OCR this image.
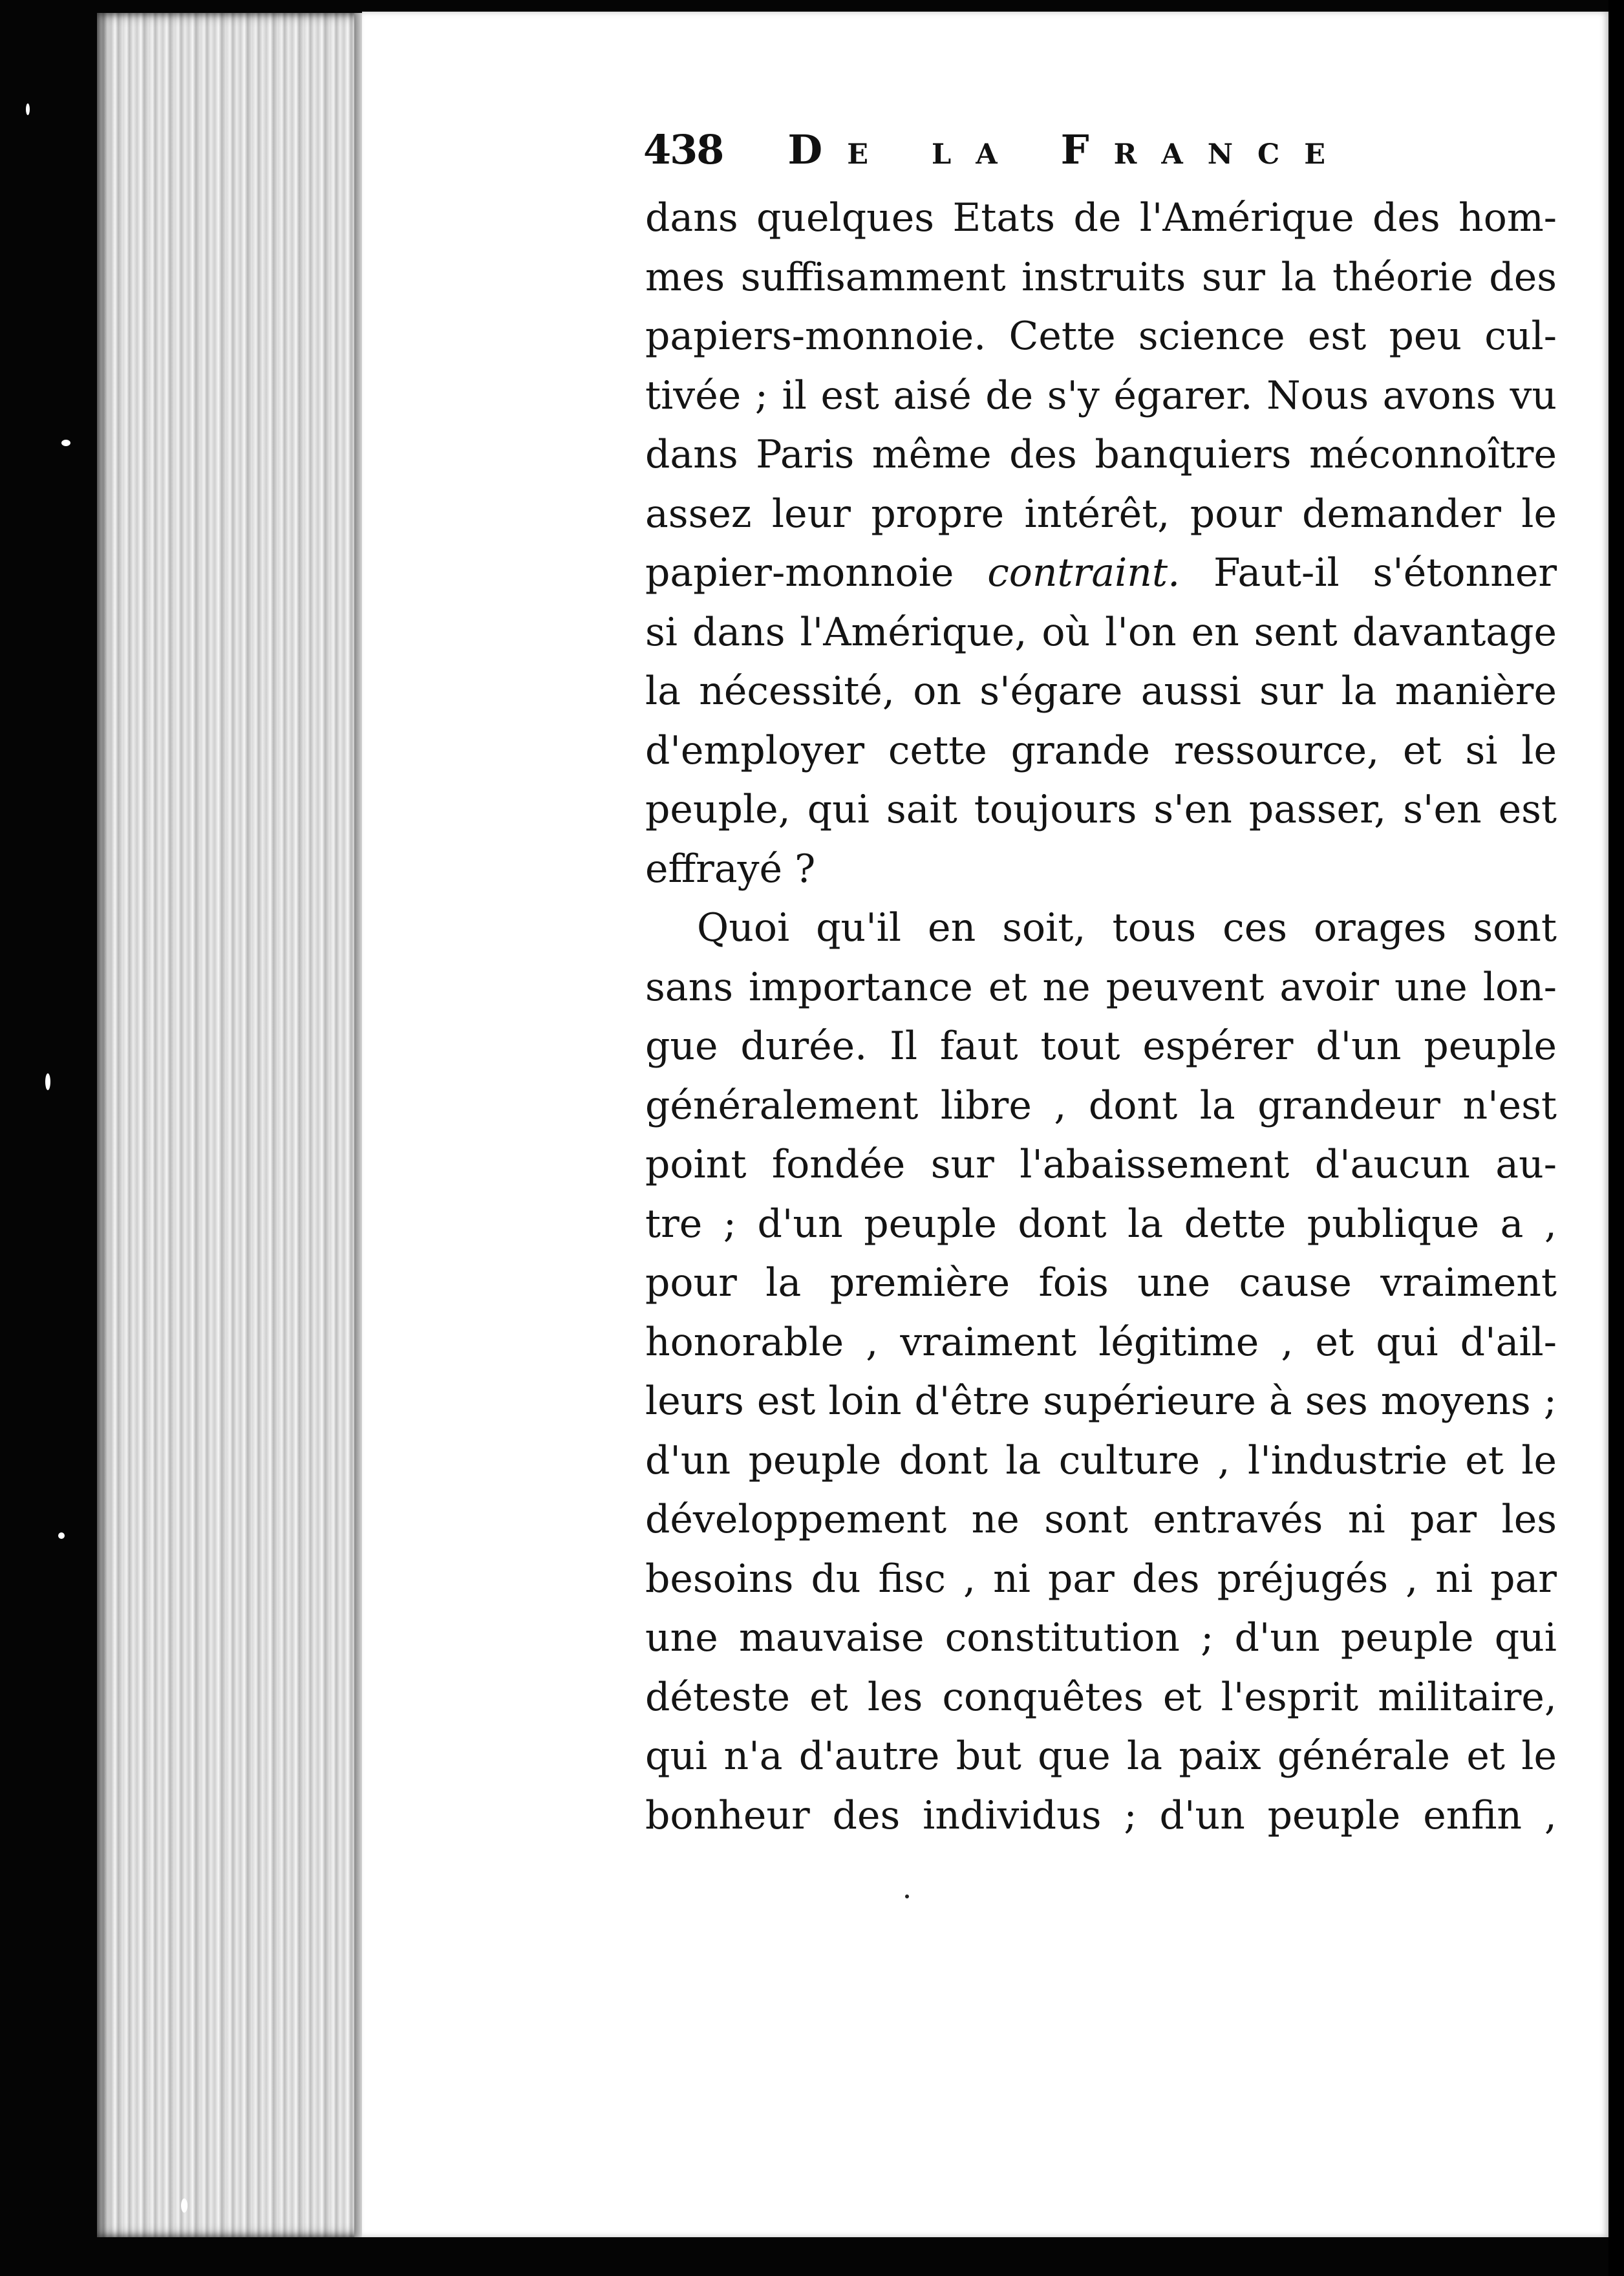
438 De la France
dans quelques Etats de l'Amérique des hom-
mes suffisamment instruits sur la théorie des
papiers-monnoie. Cette science est peu cul-
tivée ; il est aisé de s'y égarer. Nous avons vu
dans Paris même des banquiers méconnoître
assez leur propre intérêt, pour demander le
papier-monnoie contraint. Faut-il s'étonner
si dans l'Amérique, où l'on en sent davantage
la nécessité, on s'égare aussi sur la manière
d'employer cette grande ressource, et si le
peuple, qui sait toujours s'en passer, s'en est
effrayé ?
Quoi qu'il en soit, tous ces orages sont
sans importance et ne peuvent avoir une lon-
gue durée. Il faut tout espérer d'un peuple
généralement libre , dont la grandeur n'est
point fondée sur l'abaissement d'aucun au-
tre ; d'un peuple dont la dette publique a ,
pour la première fois une cause vraiment
honorable , vraiment légitime , et qui d'ail-
leurs est loin d'être supérieure à ses moyens ;
d'un peuple dont la culture , l'industrie et le
développement ne sont entravés ni par les
besoins du fisc , ni par des préjugés , ni par
une mauvaise constitution ; d'un peuple qui
déteste et les conquêtes et l'esprit militaire,
qui n'a d'autre but que la paix générale et le
bonheur des individus ; d'un peuple enfin ,
